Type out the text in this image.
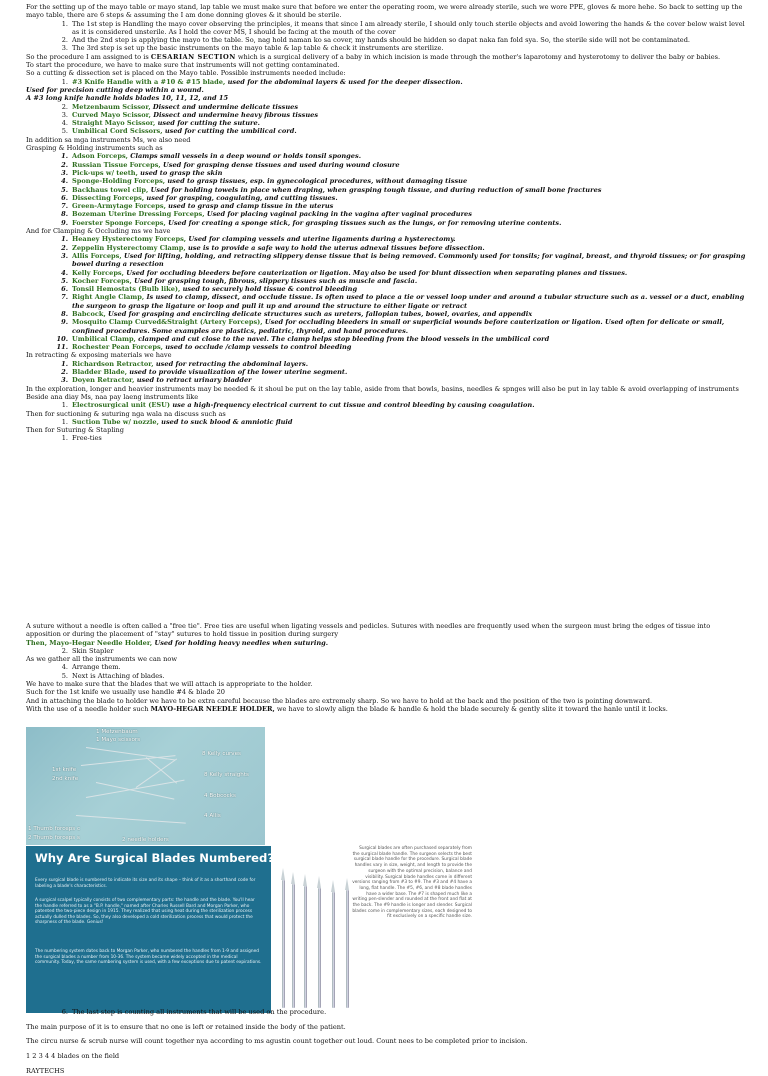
For the setting up of the mayo table or mayo stand, lap table we must make sure that before we enter the operating room, we were already sterile, such we wore PPE, gloves & more hehe. So back to setting up the mayo table, there are 6 steps & assuming the I am done donning gloves & it should be sterile.

1. The 1st step is Handling the mayo cover observing the principles, it means that since I am already sterile, I should only touch sterile objects and avoid lowering the hands & the cover below waist level as it is considered unsterile. As I hold the cover MS, I should be facing at the mouth of the cover
2. And the 2nd step is applying the mayo to the table. So, nag hold naman ko sa cover, my hands should be hidden so dapat naka fan fold sya. So, the sterile side will not be contaminated.
3. The 3rd step is set up the basic instruments on the mayo table & lap table & check it instruments are sterilize.

So the procedure I am assigned to is CESARIAN SECTION which is a surgical delivery of a baby in which incision is made through the mother's laparotomy and hysterotomy to deliver the baby or babies.

To start the procedure, we have to make sure that instruments will not getting contaminated.

So a cutting & dissection set is placed on the Mayo table. Possible instruments needed include:

1. #3 Knife Handle with a #10 & #15 blade, used for the abdominal layers & used for the deeper dissection.

Used for precision cutting deep within a wound.

A #3 long knife handle holds blades 10, 11, 12, and 15

2. Metzenbaum Scissor, Dissect and undermine delicate tissues
3. Curved Mayo Scissor, Dissect and undermine heavy fibrous tissues
4. Straight Mayo Scissor, used for cutting the suture.
5. Umbilical Cord Scissors, used for cutting the umbilical cord.

In addition sa mga instruments Ms, we also need

Grasping & Holding instruments such as

1. Adson Forceps, Clamps small vessels in a deep wound or holds tonsil sponges.
2. Russian Tissue Forceps, Used for grasping dense tissues and used during wound closure
3. Pick-ups w/ teeth, used to grasp the skin
4. Sponge-Holding Forceps, used to grasp tissues, esp. in gynecological procedures, without damaging tissue
5. Backhaus towel clip, Used for holding towels in place when draping, when grasping tough tissue, and during reduction of small bone fractures
6. Dissecting Forceps, used for grasping, coagulating, and cutting tissues.
7. Green-Armytage Forceps, used to grasp and clamp tissue in the uterus
8. Bozeman Uterine Dressing Forceps, Used for placing vaginal packing in the vagina after vaginal procedures
9. Foerster Sponge Forceps, Used for creating a sponge stick, for grasping tissues such as the lungs, or for removing uterine contents.

And for Clamping & Occluding ms we have

1. Heaney Hysterectomy Forceps, Used for clamping vessels and uterine ligaments during a hysterectomy.
2. Zeppelin Hysterectomy Clamp, use is to provide a safe way to hold the uterus adnexal tissues before dissection.
3. Allis Forceps, Used for lifting, holding, and retracting slippery dense tissue that is being removed. Commonly used for tonsils; for vaginal, breast, and thyroid tissues; or for grasping bowel during a resection
4. Kelly Forceps, Used for occluding bleeders before cauterization or ligation. May also be used for blunt dissection when separating planes and tissues.
5. Kocher Forceps, Used for grasping tough, fibrous, slippery tissues such as muscle and fascia.
6. Tonsil Hemostats (Bulb like), used to securely hold tissue & control bleeding
7. Right Angle Clamp, Is used to clamp, dissect, and occlude tissue. Is often used to place a tie or vessel loop under and around a tubular structure such as a. vessel or a duct, enabling the surgeon to grasp the ligature or loop and pull it up and around the structure to either ligate or retract
8. Babcock, Used for grasping and encircling delicate structures such as ureters, fallopian tubes, bowel, ovaries, and appendix
9. Mosquito Clamp Curved&Straight (Artery Forceps), Used for occluding bleeders in small or superficial wounds before cauterization or ligation. Used often for delicate or small, confined procedures. Some examples are plastics, pediatric, thyroid, and hand procedures.
10. Umbilical Clamp, clamped and cut close to the navel. The clamp helps stop bleeding from the blood vessels in the umbilical cord
11. Rochester Pean Forceps, used to occlude /clamp vessels to control bleeding

In retracting & exposing materials we have

1. Richardson Retractor, used for retracting the abdominal layers.
2. Bladder Blade, used to provide visualization of the lower uterine segment.
3. Doyen Retractor, used to retract urinary bladder

In the exploration, longer and heavier instruments may be needed & it shoul be put on the lay table, aside from that bowls, basins, needles & spnges will also be put in lay table & avoid overlapping of instruments

Beside ana diay Ms, naa pay laeng instruments like

1. Electrosurgical unit (ESU) use a high-frequency electrical current to cut tissue and control bleeding by causing coagulation.

Then for suctioning & suturing nga wala na discuss such as

1. Suction Tube w/ nozzle, used to suck blood & amniotic fluid

Then for Suturing & Stapling

1. Free-ties

A suture without a needle is often called a "free tie". Free ties are useful when ligating vessels and pedicles. Sutures with needles are frequently used when the surgeon must bring the edges of tissue into apposition or during the placement of "stay" sutures to hold tissue in position during surgery

Then, Mayo-Hegar Needle Holder, Used for holding heavy needles when suturing.

2. Skin Stapler

As we gather all the instruments we can now

4. Arrange them.
5. Next is Attaching of blades.

We have to make sure that the blades that we will attach is appropriate to the holder.

Such for the 1st knife we usually use handle #4 & blade 20

And in attaching the blade to holder we have to be extra careful because the blades are extremely sharp. So we have to hold at the back and the position of the two is pointing downward.

With the use of a needle holder such MAYO-HEGAR NEEDLE HOLDER, we have to slowly align the blade & handle & hold the blade securely & gently slite it toward the hanle until it locks.

1 Metzenbaum
1 Mayo scissors
8 Kelly curves
1st knife
2nd knife
8 Kelly straights
4 Bobcocks
4 Allis
1 Thumb forceps c
2 Thumb forceps s	2 needle holders
Why Are Surgical Blades Numbered?
Every surgical blade is numbered to indicate its size and its shape – think of it as a shorthand code for labeling a blade's characteristics.
A surgical scalpel typically consists of two complementary parts: the handle and the blade. You'll hear the handle referred to as a "B.P. handle," named after Charles Russell Bard and Morgan Parker, who patented the two-piece design in 1915. They realized that using heat during the sterilization process actually dulled the blades. So, they also developed a cold sterilization process that would protect the sharpness of the blade. Genius!
The numbering system dates back to Morgan Parker, who numbered the handles from 1-9 and assigned the surgical blades a number from 10-36. The system became widely accepted in the medical community. Today, the same numbering system is used, with a few exceptions due to patent expirations.
Surgical blades are often purchased separately from the surgical blade handle. The surgeon selects the best surgical blade handle for the procedure. Surgical blade handles vary in size, weight, and length to provide the surgeon with the optimal precision, balance and visibility. Surgical blade handles come in different versions ranging from #3 to #9. The #3 and #4 have a long, flat handle. The #5, #6, and #8 blade handles have a wider base. The #7 is shaped much like a writing pen-slender and rounded at the front and flat at the back. The #9 handle is longer and slender. Surgical blades come in complementary sizes, each designed to fit exclusively on a specific handle size.
6. The last step is counting all instruments that will be used on the procedure.

The main purpose of it is to ensure that no one is left or retained inside the body of the patient.

The circu nurse & scrub nurse will count together nya according to ms agustin count together out loud. Count nees to be completed prior to incision.

1 2 3 4 4 blades on the field

RAYTECHS
